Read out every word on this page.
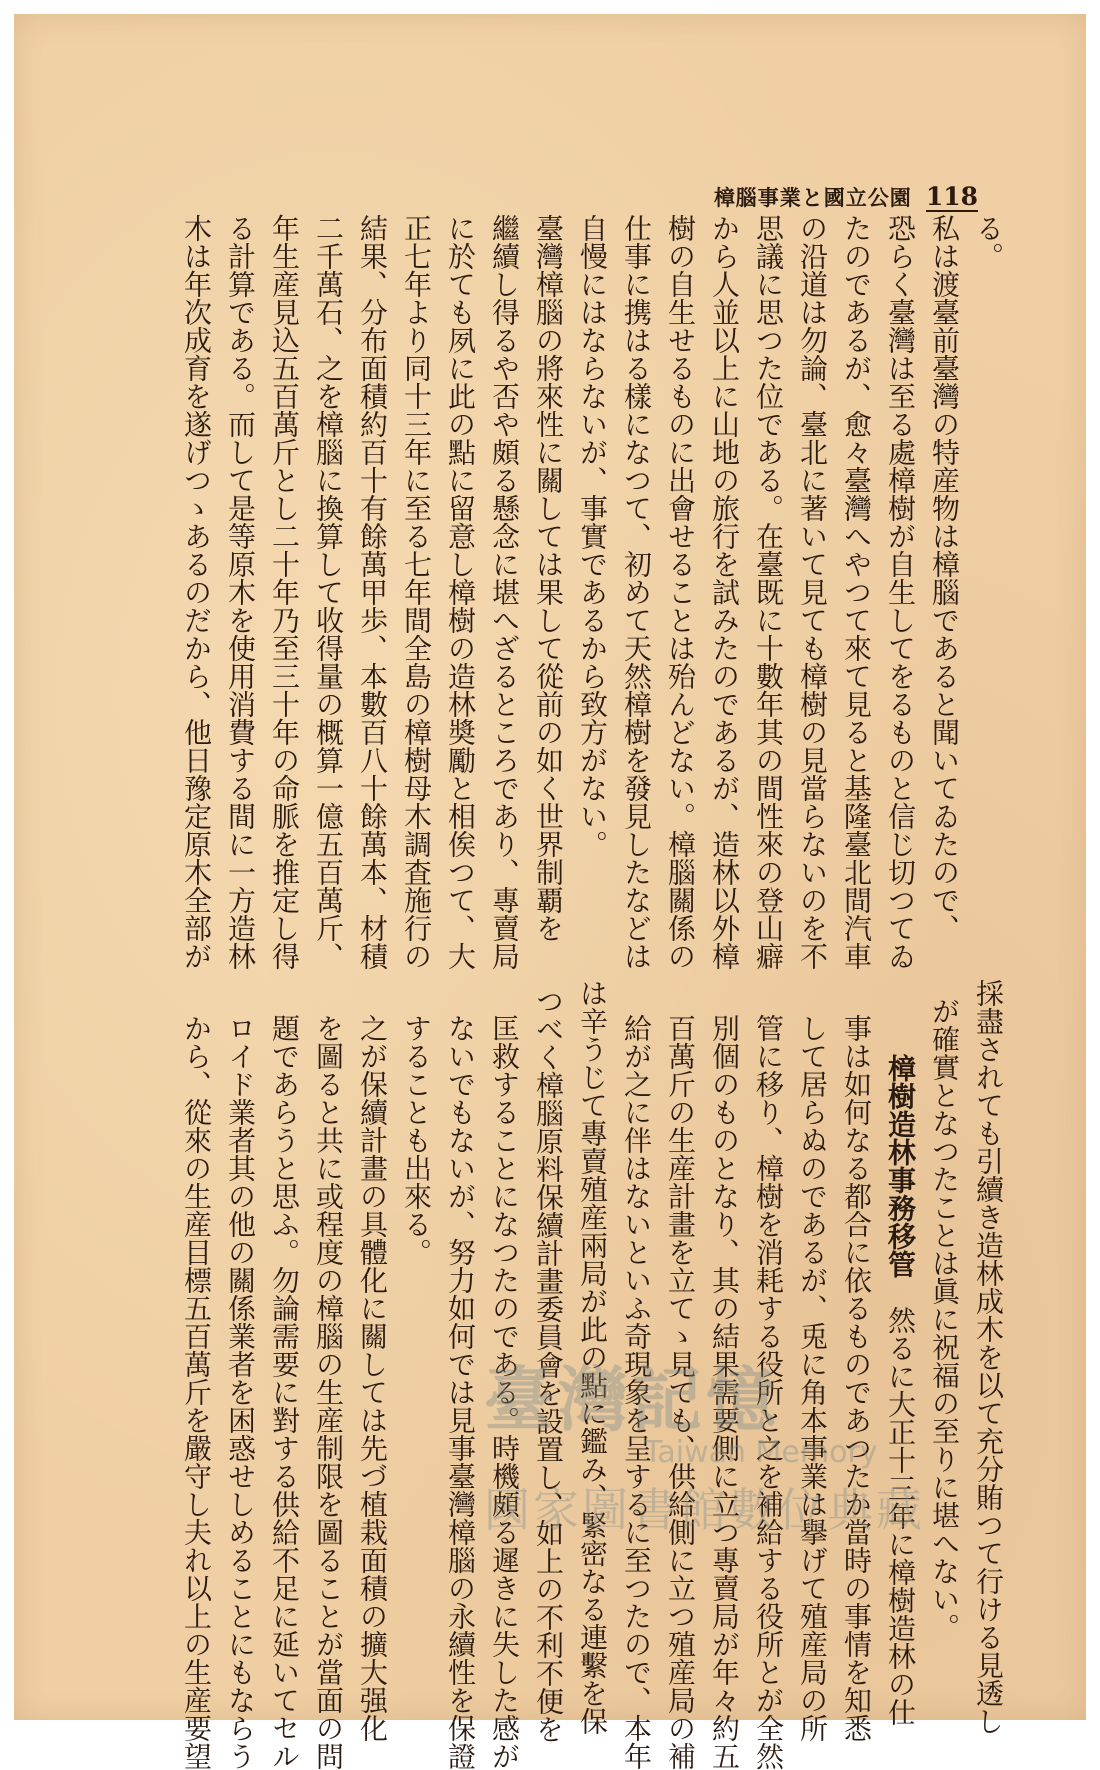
樟腦事業と國立公園 118
る。
採盡されても引續き造林成木を以て充分賄つて行ける見透し
私は渡臺前臺灣の特産物は樟腦であると聞いてゐたので、
が確實となつたことは眞に祝福の至りに堪へない。
恐らく臺灣は至る處樟樹が自生してをるものと信じ切つてゐ
樟樹造林事務移管然るに大正十三年に樟樹造林の仕
たのであるが、愈々臺灣へやつて來て見ると基隆臺北間汽車
事は如何なる都合に依るものであつたか當時の事情を知悉
の沿道は勿論、臺北に著いて見ても樟樹の見當らないのを不
して居らぬのであるが、兎に角本事業は擧げて殖産局の所
思議に思つた位である。在臺既に十數年其の間性來の登山癖
管に移り、樟樹を消耗する役所と之を補給する役所とが全然
から人並以上に山地の旅行を試みたのであるが、造林以外樟
別個のものとなり、其の結果需要側に立つ專賣局が年々約五
樹の自生せるものに出會せることは殆んどない。樟腦關係の
百萬斤の生産計畫を立てゝ見ても、供給側に立つ殖産局の補
仕事に携はる樣になつて、初めて天然樟樹を發見したなどは
給が之に伴はないといふ奇現象を呈するに至つたので、本年
自慢にはならないが、事實であるから致方がない。
は辛うじて專賣殖産兩局が此の點に鑑み、緊密なる連繫を保
臺灣樟腦の將來性に關しては果して從前の如く世界制覇を
つべく樟腦原料保續計畫委員會を設置し、如上の不利不便を
繼續し得るや否や頗る懸念に堪へざるところであり、專賣局
匡救することになつたのである。時機頗る遲きに失した感が
に於ても夙に此の點に留意し樟樹の造林奬勵と相俟つて、大
ないでもないが、努力如何では見事臺灣樟腦の永續性を保證
正七年より同十三年に至る七年間全島の樟樹母木調査施行の
することも出來る。
結果、分布面積約百十有餘萬甲歩、本數百八十餘萬本、材積
之が保續計畫の具體化に關しては先づ植栽面積の擴大强化
二千萬石、之を樟腦に換算して收得量の概算一億五百萬斤、
を圖ると共に或程度の樟腦の生産制限を圖ることが當面の問
年生産見込五百萬斤とし二十年乃至三十年の命脈を推定し得
題であらうと思ふ。勿論需要に對する供給不足に延いてセル
る計算である。而して是等原木を使用消費する間に一方造林
ロイド業者其の他の關係業者を困惑せしめることにもならう
木は年次成育を遂げつゝあるのだから、他日豫定原木全部が
から、從來の生産目標五百萬斤を嚴守し夫れ以上の生産要望	臺灣記憶
Taiwan Memory
國家圖書館數位典藏
